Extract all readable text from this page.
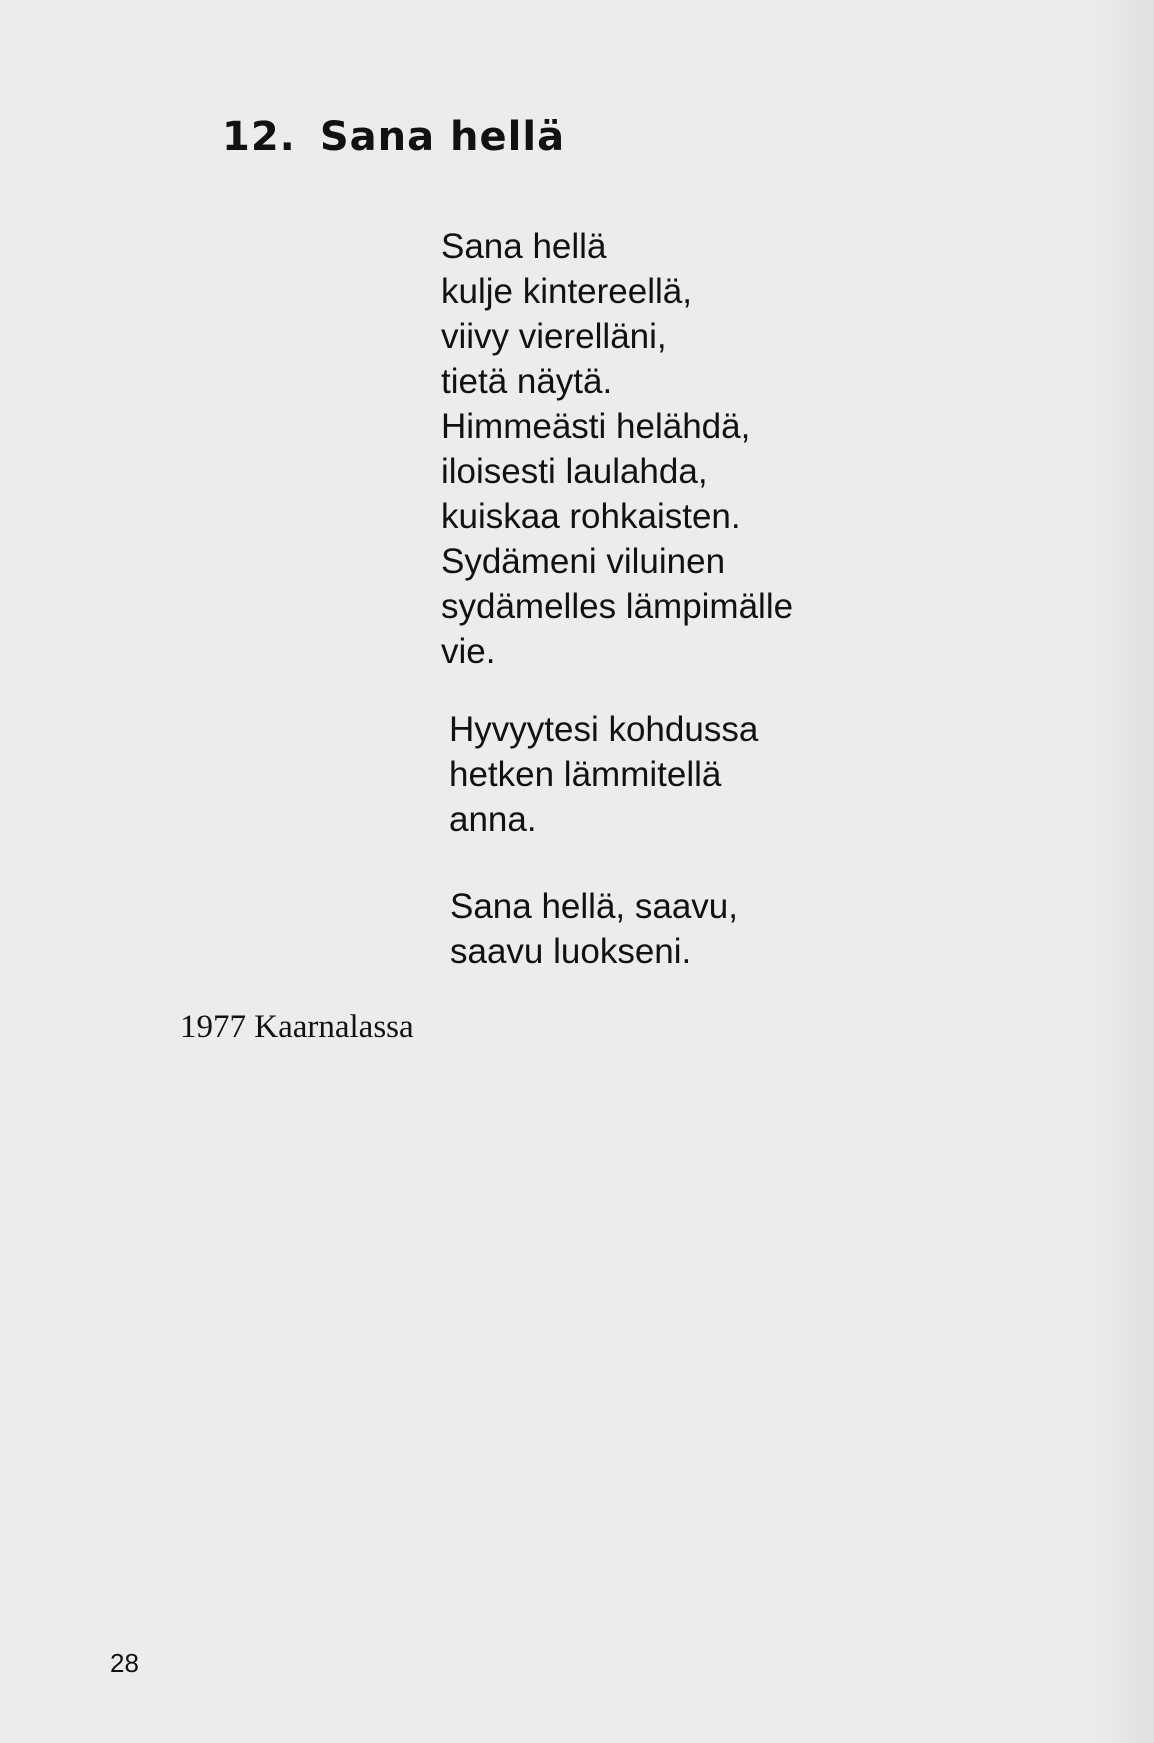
12. Sana hellä
Sana hellä
kulje kintereellä,
viivy vierelläni,
tietä näytä.
Himmeästi helähdä,
iloisesti laulahda,
kuiskaa rohkaisten.
Sydämeni viluinen
sydämelles lämpimälle
vie.
Hyvyytesi kohdussa
hetken lämmitellä
anna.
Sana hellä, saavu,
saavu luokseni.
1977 Kaarnalassa
28
